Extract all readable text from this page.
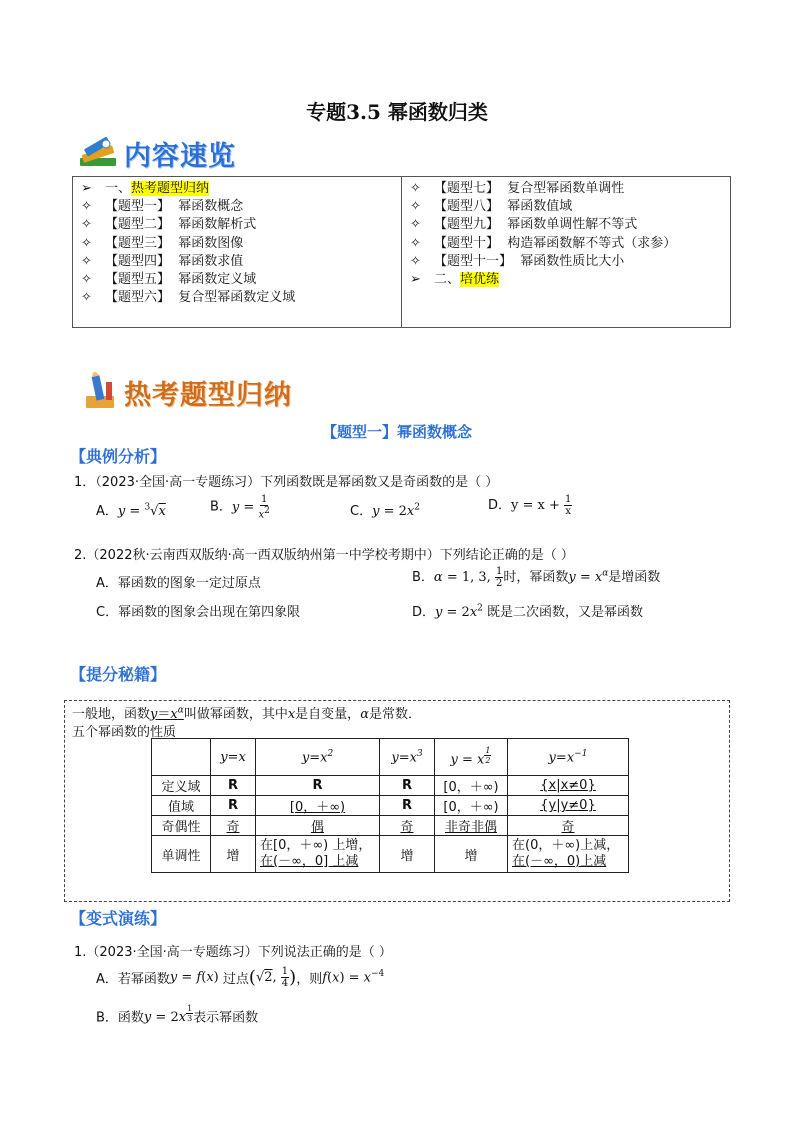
专题3.5 幂函数归类
内容速览
➢ 一、热考题型归纳
✧ 【题型一】 幂函数概念
✧ 【题型二】 幂函数解析式
✧ 【题型三】 幂函数图像
✧ 【题型四】 幂函数求值
✧ 【题型五】 幂函数定义域
✧ 【题型六】 复合型幂函数定义域
✧ 【题型七】 复合型幂函数单调性
✧ 【题型八】 幂函数值域
✧ 【题型九】 幂函数单调性解不等式
✧ 【题型十】 构造幂函数解不等式（求参）
✧ 【题型十一】 幂函数性质比大小
➢ 二、培优练
热考题型归纳
【题型一】幂函数概念
【典例分析】
1．（2023·全国·高一专题练习）下列函数既是幂函数又是奇函数的是（ ）
A．y = $^3$√x	B．$y = \frac{1}{x^2}$	C．$y = 2x^2$	D．$y = x + \frac{1}{x}$
2.（2022秋·云南西双版纳·高一西双版纳州第一中学校考期中）下列结论正确的是（ ）
A．幂函数的图象一定过原点	B．α = 1, 3, $\frac{1}{2}$ 时，幂函数$y = x^\alpha$是增函数
C．幂函数的图象会出现在第四象限	D．$y = 2x^2$ 既是二次函数，又是幂函数
【提分秘籍】
一般地，函数$y=x^\alpha$叫做幂函数，其中x是自变量，α是常数．
五个幂函数的性质
	y=x	$y=x^2$	$y=x^3$	y = x $^{\frac{1}{2}}$	$y=x^{-1}$
定义域	R	R	R	[0，＋∞)	{x|x≠0}
值域	R	[0，＋∞)	R	[0，＋∞)	{y|y≠0}
奇偶性	奇	偶	奇	非奇非偶	奇
单调性	增	在[0，＋∞) 上增，
在(－∞，0] 上减	增	增	在(0，＋∞)上减，
在(－∞，0)上减
【变式演练】
1.（2023·全国·高一专题练习）下列说法正确的是（ ）
A．若幂函数 y = f(x)
过点 ( √2, $\frac{1}{4}$ ) ，则 $f(x) = x^{-4}$
B．函数y = 2x $^{\frac{1}{3}}$ 表示幂函数
